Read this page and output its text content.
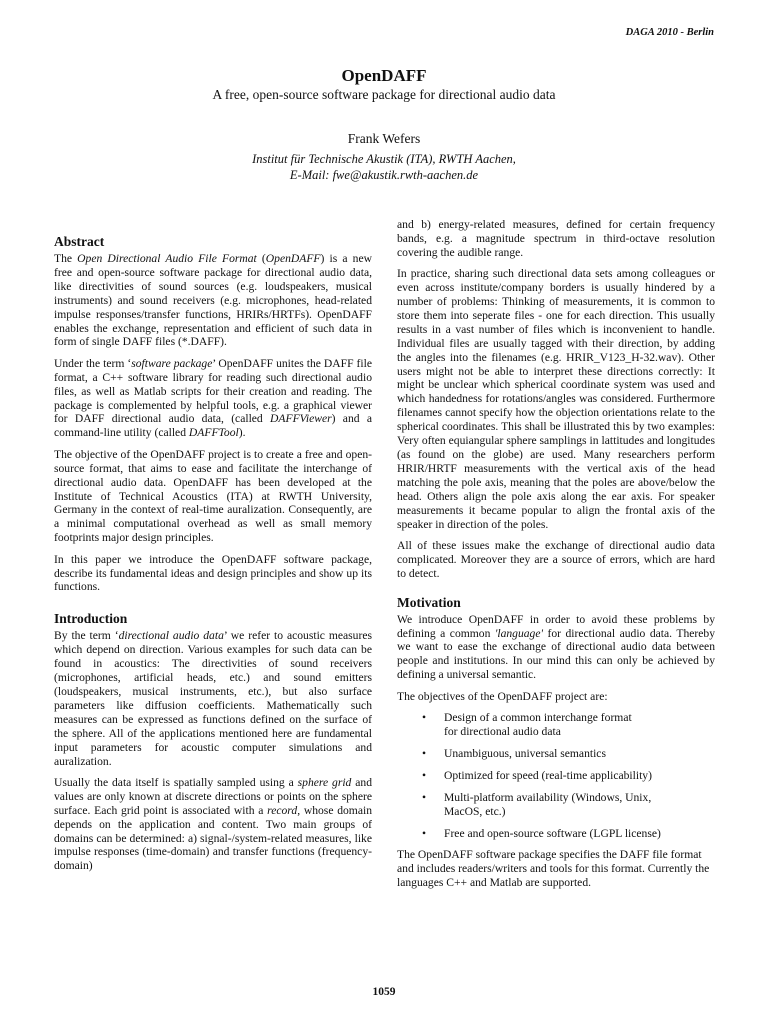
DAGA 2010 - Berlin
OpenDAFF
A free, open-source software package for directional audio data
Frank Wefers
Institut für Technische Akustik (ITA), RWTH Aachen,
E-Mail: fwe@akustik.rwth-aachen.de
Abstract

The Open Directional Audio File Format (OpenDAFF) is a new free and open-source software package for directional audio data, like directivities of sound sources (e.g. loudspeakers, musical instruments) and sound receivers (e.g. microphones, head-related impulse responses/transfer functions, HRIRs/HRTFs). OpenDAFF enables the exchange, representation and efficient of such data in form of single DAFF files (*.DAFF).

Under the term ‘software package’ OpenDAFF unites the DAFF file format, a C++ software library for reading such directional audio files, as well as Matlab scripts for their creation and reading. The package is complemented by helpful tools, e.g. a graphical viewer for DAFF directional audio data, (called DAFFViewer) and a command-line utility (called DAFFTool).

The objective of the OpenDAFF project is to create a free and open-source format, that aims to ease and facilitate the interchange of directional audio data. OpenDAFF has been developed at the Institute of Technical Acoustics (ITA) at RWTH University, Germany in the context of real-time auralization. Consequently, are a minimal computational overhead as well as small memory footprints major design principles.

In this paper we introduce the OpenDAFF software package, describe its fundamental ideas and design principles and show up its functions.

Introduction

By the term ‘directional audio data’ we refer to acoustic measures which depend on direction. Various examples for such data can be found in acoustics: The directivities of sound receivers (microphones, artificial heads, etc.) and sound emitters (loudspeakers, musical instruments, etc.), but also surface parameters like diffusion coefficients. Mathematically such measures can be expressed as functions defined on the surface of the sphere. All of the applications mentioned here are fundamental input parameters for acoustic computer simulations and auralization.

Usually the data itself is spatially sampled using a sphere grid and values are only known at discrete directions or points on the sphere surface. Each grid point is associated with a record, whose domain depends on the application and content. Two main groups of domains can be determined: a) signal-/system-related measures, like impulse responses (time-domain) and transfer functions (frequency-domain)

and b) energy-related measures, defined for certain frequency bands, e.g. a magnitude spectrum in third-octave resolution covering the audible range.

In practice, sharing such directional data sets among colleagues or even across institute/company borders is usually hindered by a number of problems: Thinking of measurements, it is common to store them into seperate files - one for each direction. This usually results in a vast number of files which is inconvenient to handle. Individual files are usually tagged with their direction, by adding the angles into the filenames (e.g. HRIR_V123_H-32.wav). Other users might not be able to interpret these directions correctly: It might be unclear which spherical coordinate system was used and which handedness for rotations/angles was considered. Furthermore filenames cannot specify how the objection orientations relate to the spherical coordinates. This shall be illustrated this by two examples: Very often equiangular sphere samplings in lattitudes and longitudes (as found on the globe) are used. Many researchers perform HRIR/HRTF measurements with the vertical axis of the head matching the pole axis, meaning that the poles are above/below the head. Others align the pole axis along the ear axis. For speaker measurements it became popular to align the frontal axis of the speaker in direction of the poles.

All of these issues make the exchange of directional audio data complicated. Moreover they are a source of errors, which are hard to detect.

Motivation

We introduce OpenDAFF in order to avoid these problems by defining a common 'language' for directional audio data. Thereby we want to ease the exchange of directional audio data between people and institutions. In our mind this can only be achieved by defining a universal semantic.

The objectives of the OpenDAFF project are:

• Design of a common interchange format
for directional audio data
• Unambiguous, universal semantics
• Optimized for speed (real-time applicability)
• Multi-platform availability (Windows, Unix,
MacOS, etc.)
• Free and open-source software (LGPL license)

The OpenDAFF software package specifies the DAFF file format and includes readers/writers and tools for this format. Currently the languages C++ and Matlab are supported.

1059
